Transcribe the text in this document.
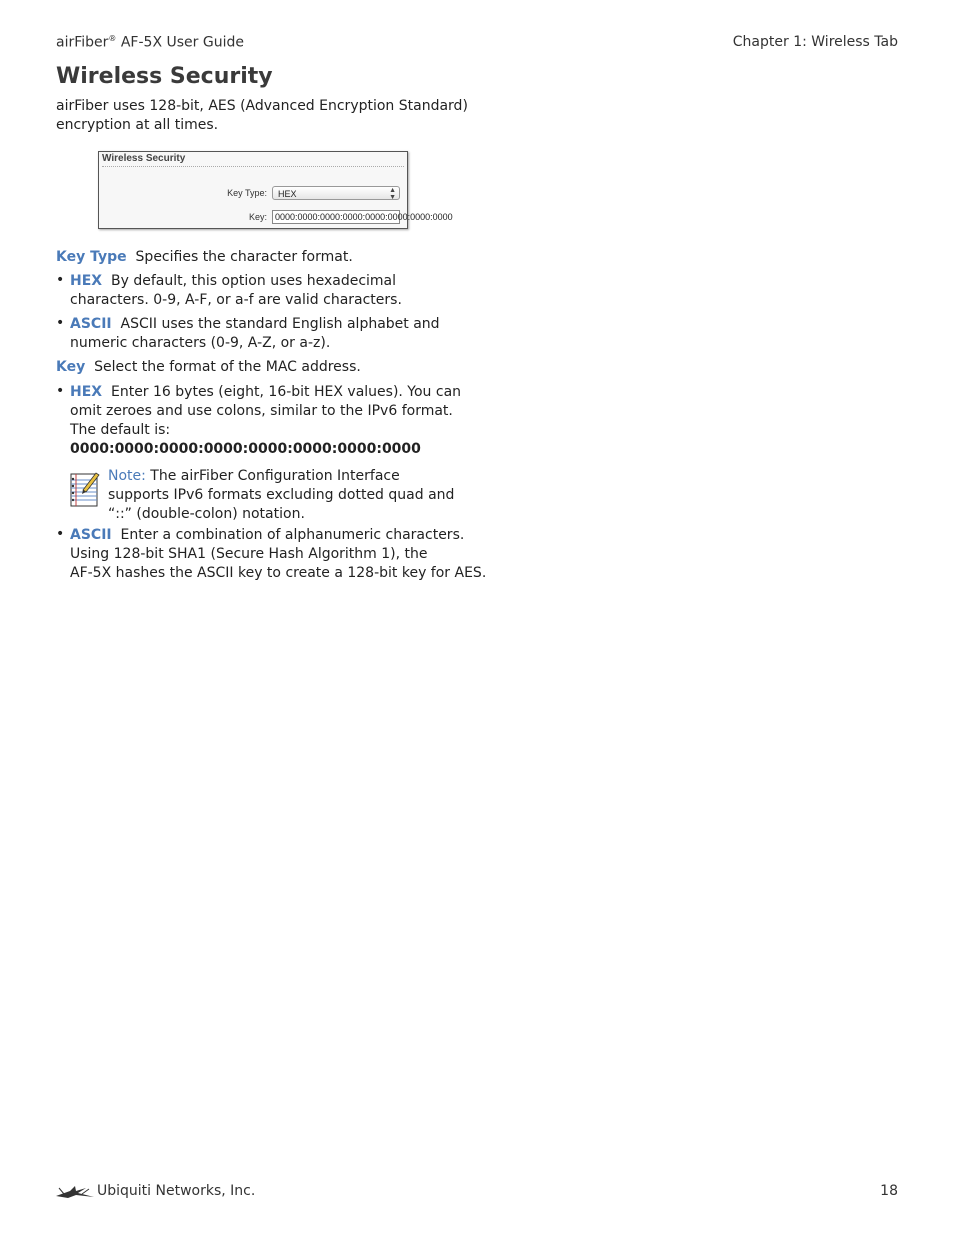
airFiber® AF-5X User Guide	Chapter 1: Wireless Tab
Wireless Security
airFiber uses 128-bit, AES (Advanced Encryption Standard)
encryption at all times.
Wireless Security
Key Type:	HEX	▲
▼
Key: 0000:0000:0000:0000:0000:0000:0000:0000
Key Type Specifies the character format.
• HEX By default, this option uses hexadecimal
characters. 0-9, A-F, or a-f are valid characters.
• ASCII ASCII uses the standard English alphabet and
numeric characters (0-9, A-Z, or a-z).
Key Select the format of the MAC address.
• HEX Enter 16 bytes (eight, 16-bit HEX values). You can
omit zeroes and use colons, similar to the IPv6 format.
The default is:
0000:0000:0000:0000:0000:0000:0000:0000
Note: The airFiber Configuration Interface
supports IPv6 formats excluding dotted quad and
“::” (double-colon) notation.
• ASCII Enter a combination of alphanumeric characters.
Using 128-bit SHA1 (Secure Hash Algorithm 1), the
AF-5X hashes the ASCII key to create a 128-bit key for AES.
Ubiquiti Networks, Inc.	18
